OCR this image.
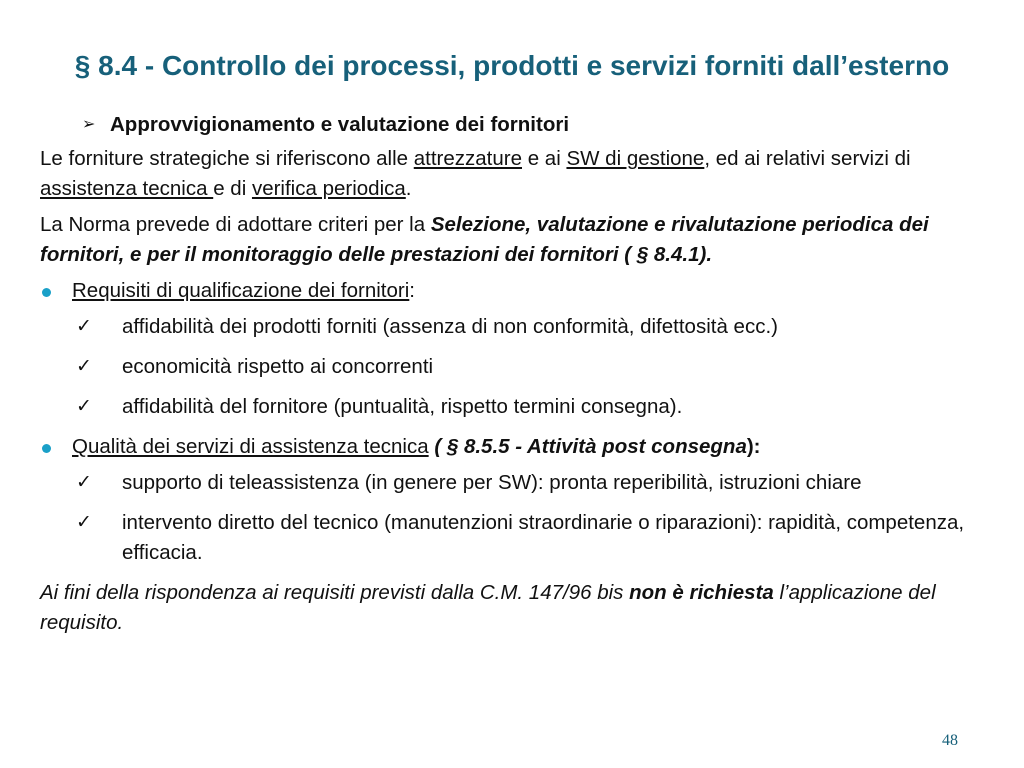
§ 8.4 - Controllo dei processi, prodotti e servizi forniti dall’esterno
➢ Approvvigionamento e valutazione dei fornitori
Le forniture strategiche si riferiscono alle attrezzature e ai SW di gestione, ed ai relativi servizi di assistenza tecnica e di verifica periodica.
La Norma prevede di adottare criteri per la Selezione, valutazione e rivalutazione periodica dei fornitori, e per il monitoraggio delle prestazioni dei fornitori ( § 8.4.1).
Requisiti di qualificazione dei fornitori:
✓ affidabilità dei prodotti forniti (assenza di non conformità, difettosità ecc.)
✓ economicità rispetto ai concorrenti
✓ affidabilità del fornitore (puntualità, rispetto termini consegna).
Qualità dei servizi di assistenza tecnica ( § 8.5.5 - Attività post consegna):
✓ supporto di teleassistenza (in genere per SW): pronta reperibilità, istruzioni chiare
✓ intervento diretto del tecnico (manutenzioni straordinarie o riparazioni): rapidità, competenza, efficacia.
Ai fini della rispondenza ai requisiti previsti dalla C.M. 147/96 bis non è richiesta l’applicazione del requisito.
48
